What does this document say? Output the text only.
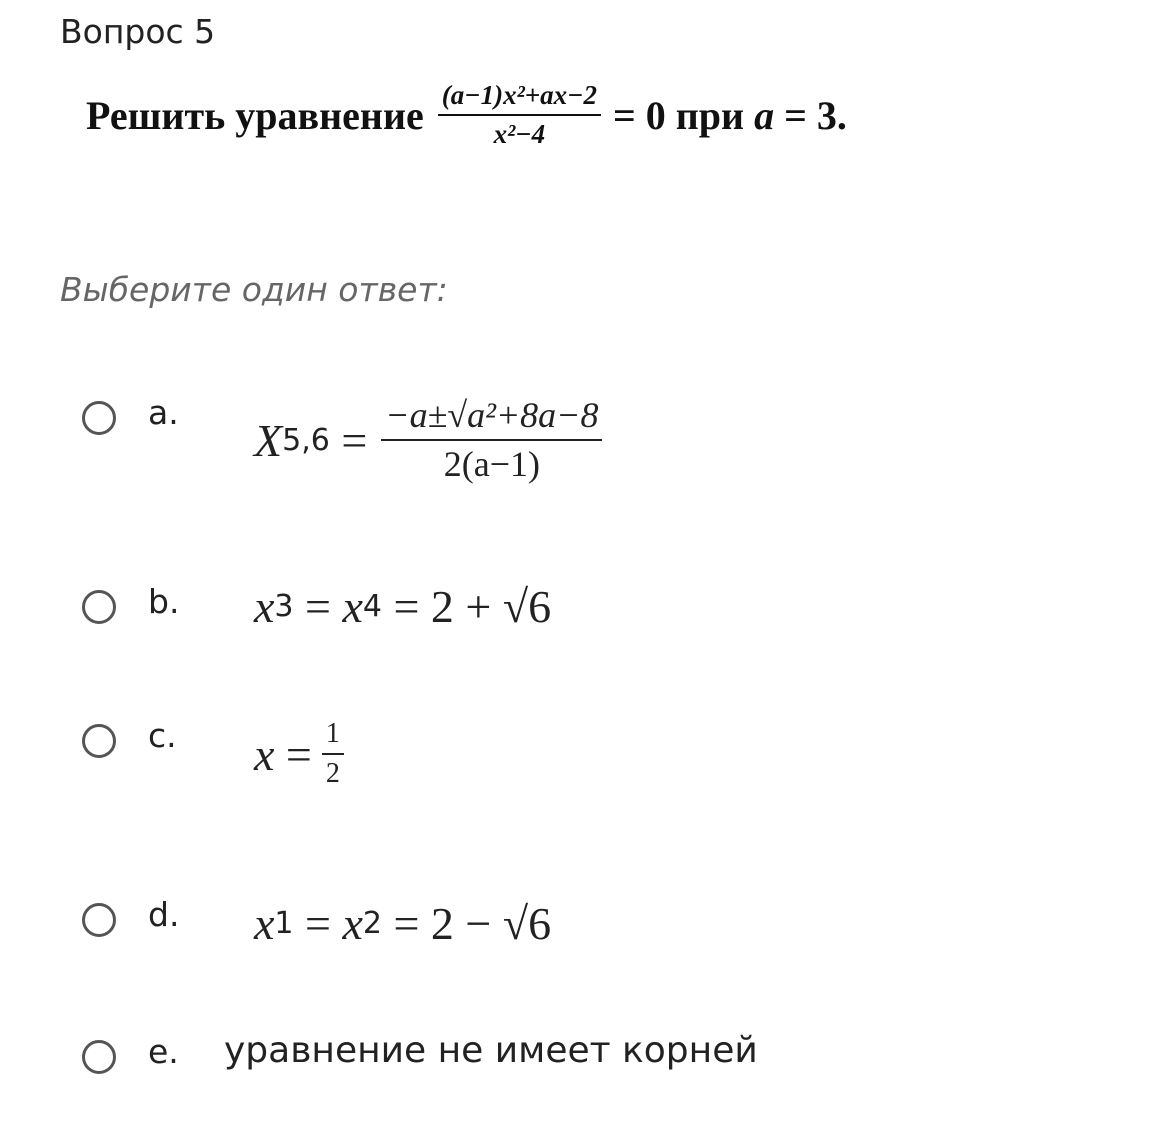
Вопрос 5
Решить уравнение $\frac{\text{(a−1)x²+ax−2}}{\text{x²−4}} = 0$ при
a
= 3.
Выберите один ответ:
a.
X 5,6
= $\frac{\text{−a±√a²+8a−8}}{2(a-1)}$
b. x 3 = x 4 = 2 + √6
c. x
= $\frac{1}{2}$
d. x 1 = x 2 = 2 − √6
e. уравнение не имеет корней
